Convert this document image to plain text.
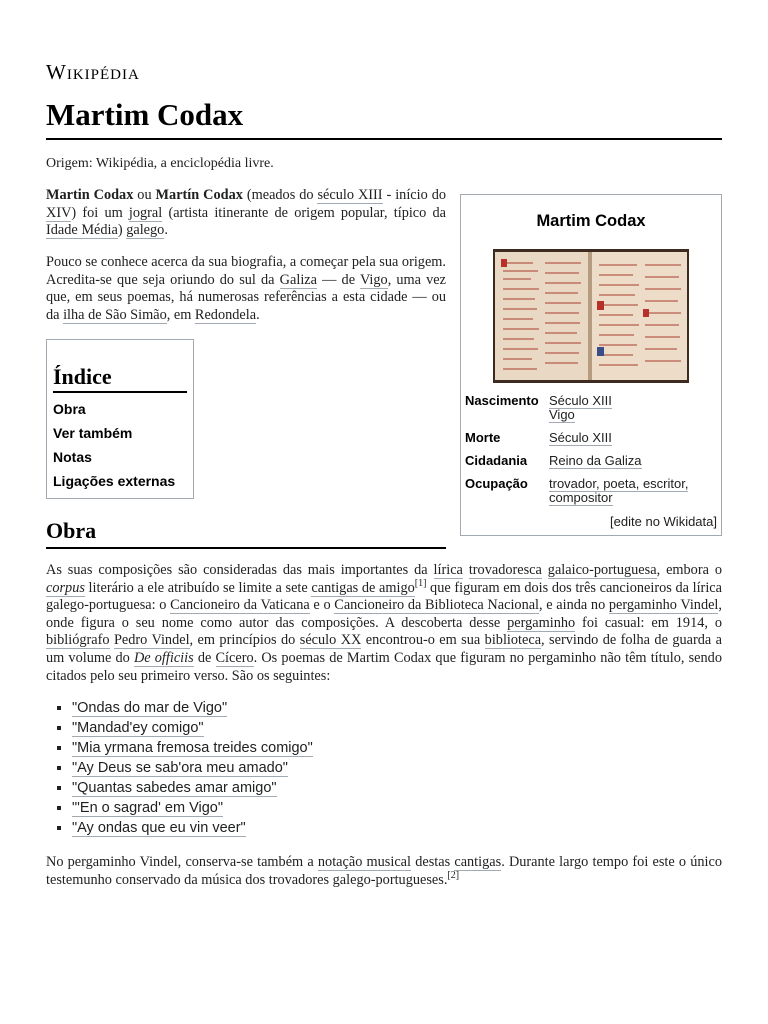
Wikipédia
Martim Codax
Origem: Wikipédia, a enciclopédia livre.

Martin Codax ou Martín Codax (meados do século XIII - início do XIV) foi um jogral (artista itinerante de origem popular, típico da Idade Média) galego.

Pouco se conhece acerca da sua biografia, a começar pela sua origem. Acredita-se que seja oriundo do sul da Galiza — de Vigo, uma vez que, em seus poemas, há numerosas referências a esta cidade — ou da ilha de São Simão, em Redondela.

Martim Codax
Nascimento Século XIII
Vigo
Morte	Século XIII
Cidadania	Reino da Galiza
Ocupação	trovador, poeta, escritor,
compositor
[edite no Wikidata]
Índice
Obra
Ver também
Notas
Ligações externas
Obra

As suas composições são consideradas das mais importantes da lírica trovadoresca galaico-portuguesa, embora o corpus literário a ele atribuído se limite a sete cantigas de amigo[1] que figuram em dois dos três cancioneiros da lírica galego-portuguesa: o Cancioneiro da Vaticana e o Cancioneiro da Biblioteca Nacional, e ainda no pergaminho Vindel, onde figura o seu nome como autor das composições. A descoberta desse pergaminho foi casual: em 1914, o bibliógrafo Pedro Vindel, em princípios do século XX encontrou-o em sua biblioteca, servindo de folha de guarda a um volume do De officiis de Cícero. Os poemas de Martim Codax que figuram no pergaminho não têm título, sendo citados pelo seu primeiro verso. São os seguintes:

▪ "Ondas do mar de Vigo"
▪ "Mandad'ey comigo"
▪ "Mia yrmana fremosa treides comigo"
▪ "Ay Deus se sab'ora meu amado"
▪ "Quantas sabedes amar amigo"
▪ "'En o sagrad' em Vigo"
▪ "Ay ondas que eu vin veer"

No pergaminho Vindel, conserva-se também a notação musical destas cantigas. Durante largo tempo foi este o único testemunho conservado da música dos trovadores galego-portugueses.[2]
